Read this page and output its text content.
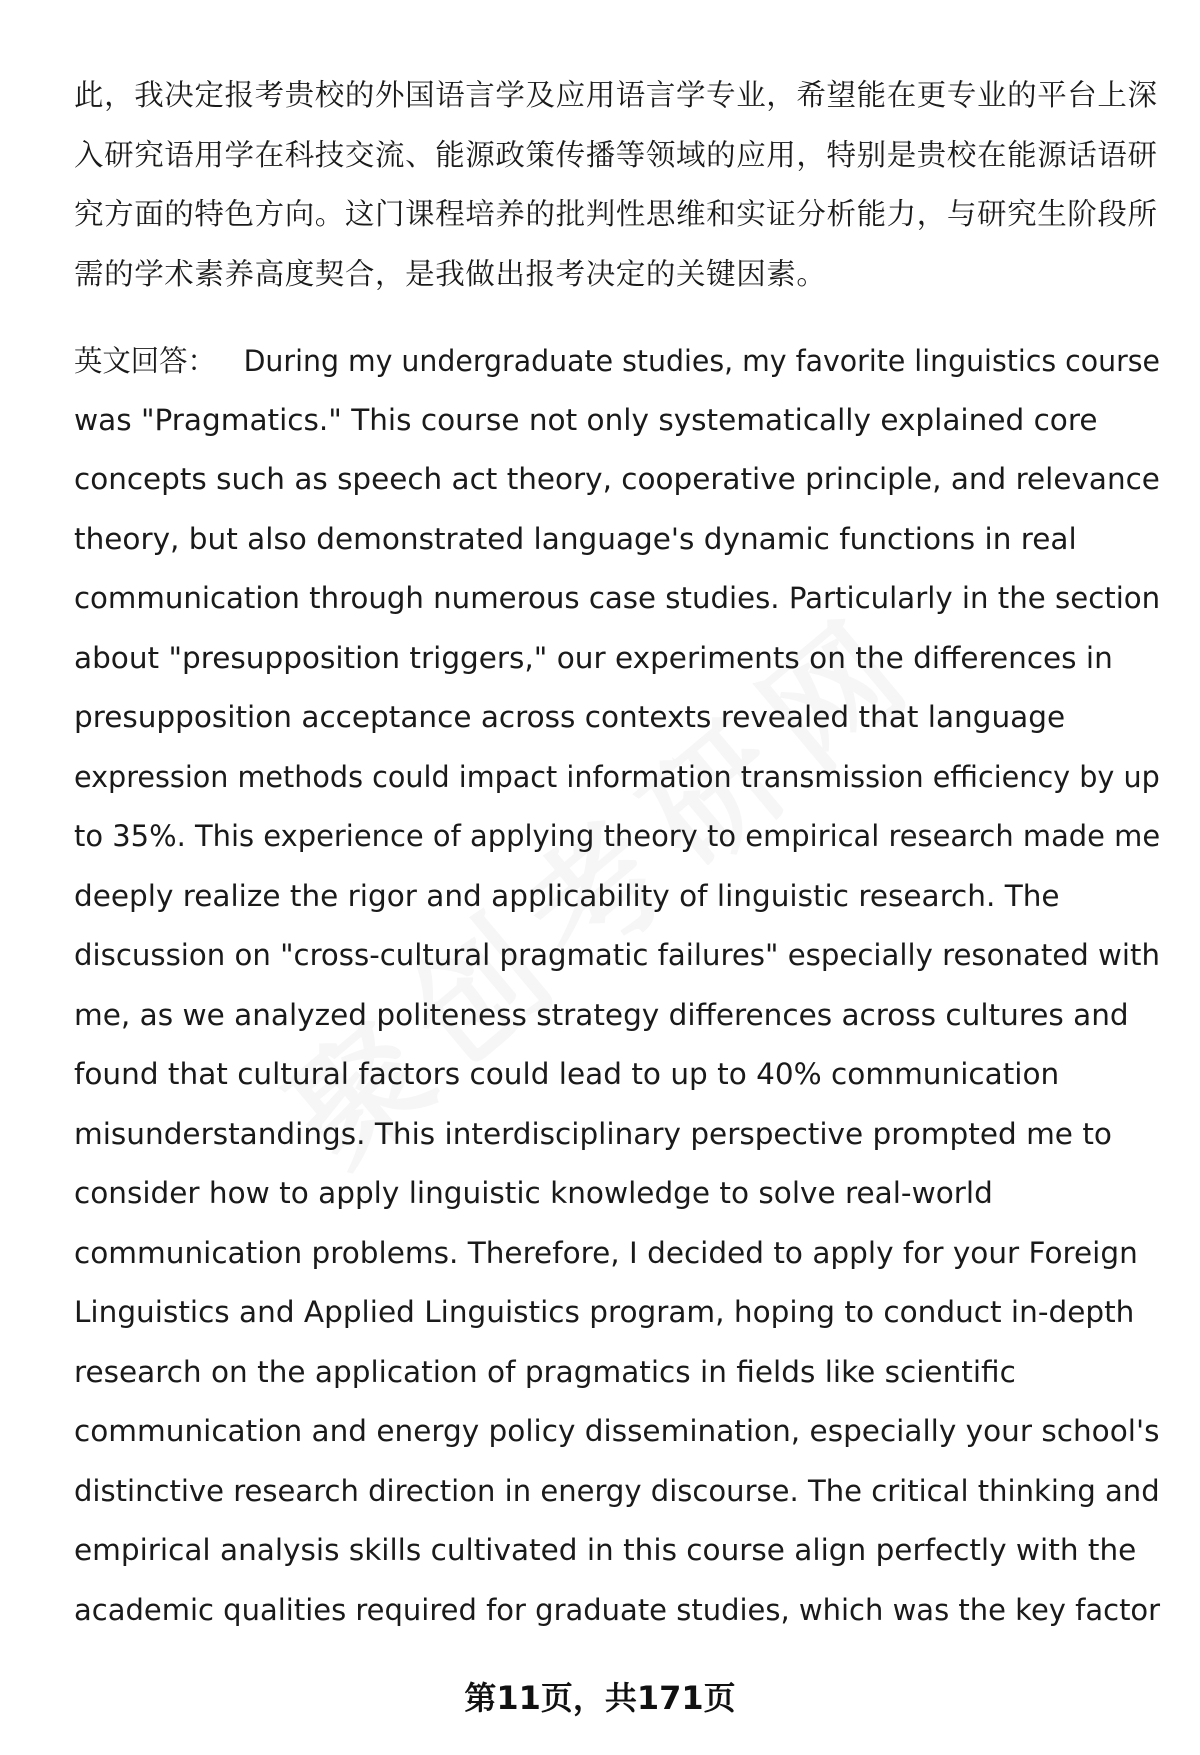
此，我决定报考贵校的外国语言学及应用语言学专业，希望能在更专业的平台上深
入研究语用学在科技交流、能源政策传播等领域的应用，特别是贵校在能源话语研
究方面的特色方向。这门课程培养的批判性思维和实证分析能力，与研究生阶段所
需的学术素养高度契合，是我做出报考决定的关键因素。
英文回答： During my undergraduate studies, my favorite linguistics course
was "Pragmatics." This course not only systematically explained core
concepts such as speech act theory, cooperative principle, and relevance
theory, but also demonstrated language's dynamic functions in real
communication through numerous case studies. Particularly in the section
about "presupposition triggers," our experiments on the differences in
presupposition acceptance across contexts revealed that language
expression methods could impact information transmission efficiency by up
to 35%. This experience of applying theory to empirical research made me
deeply realize the rigor and applicability of linguistic research. The
discussion on "cross-cultural pragmatic failures" especially resonated with
me, as we analyzed politeness strategy differences across cultures and
found that cultural factors could lead to up to 40% communication
misunderstandings. This interdisciplinary perspective prompted me to
consider how to apply linguistic knowledge to solve real-world
communication problems. Therefore, I decided to apply for your Foreign
Linguistics and Applied Linguistics program, hoping to conduct in-depth
research on the application of pragmatics in fields like scientific
communication and energy policy dissemination, especially your school's
distinctive research direction in energy discourse. The critical thinking and
empirical analysis skills cultivated in this course align perfectly with the
academic qualities required for graduate studies, which was the key factor
第11页，共171页
